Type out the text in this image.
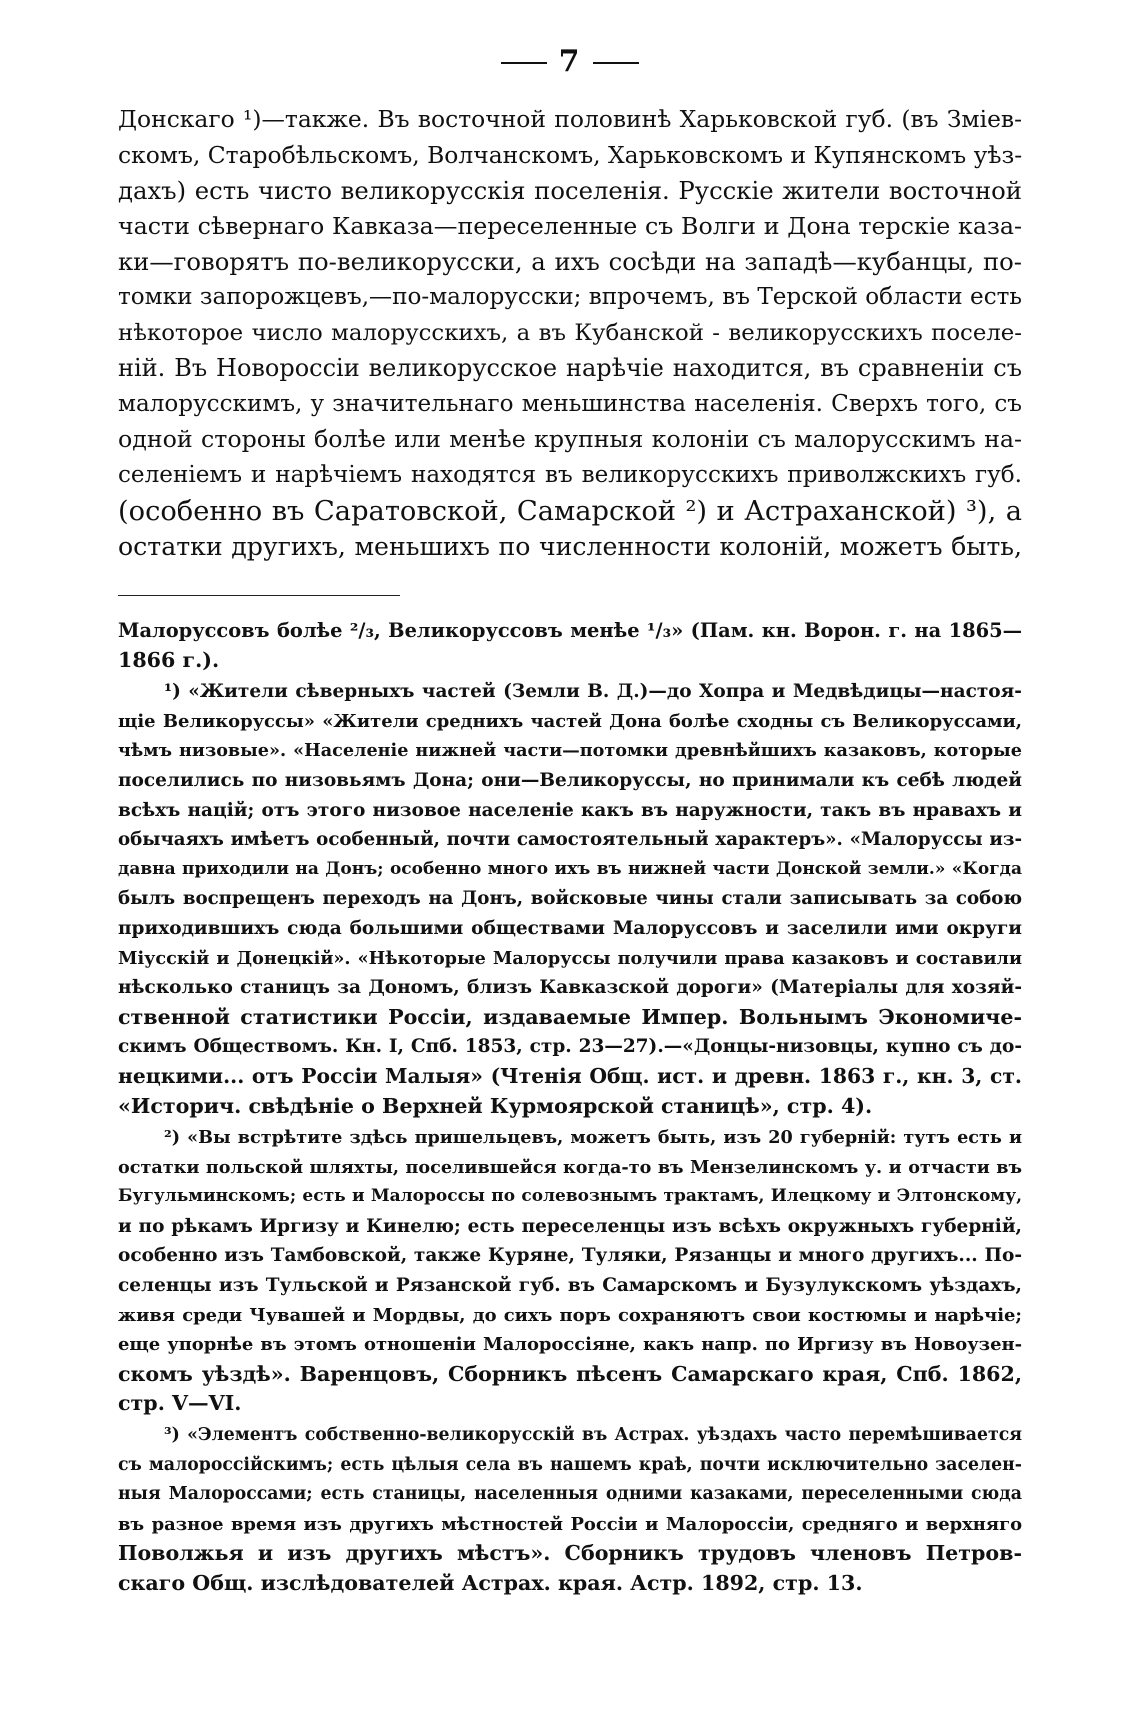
7

Донскаго ¹)—также. Въ восточной половинѣ Харьковской губ. (въ Зміев-

скомъ, Старобѣльскомъ, Волчанскомъ, Харьковскомъ и Купянскомъ уѣз-

дахъ) есть чисто великорусскія поселенія. Русскіе жители восточной

части сѣвернаго Кавказа—переселенные съ Волги и Дона терскіе каза-

ки—говорятъ по-великорусски, а ихъ сосѣди на западѣ—кубанцы, по-

томки запорожцевъ,—по-малорусски; впрочемъ, въ Терской области есть

нѣкоторое число малорусскихъ, а въ Кубанской - великорусскихъ поселе-

ній. Въ Новороссіи великорусское нарѣчіе находится, въ сравненіи съ

малорусскимъ, у значительнаго меньшинства населенія. Сверхъ того, съ

одной стороны болѣе или менѣе крупныя колоніи съ малорусскимъ на-

селеніемъ и нарѣчіемъ находятся въ великорусскихъ приволжскихъ губ.

(особенно въ Саратовской, Самарской ²) и Астраханской) ³), а

остатки другихъ, меньшихъ по численности колоній, можетъ быть,

Малоруссовъ болѣе ²/₃, Великоруссовъ менѣе ¹/₃» (Пам. кн. Ворон. г. на 1865—

1866 г.).

¹) «Жители сѣверныхъ частей (Земли В. Д.)—до Хопра и Медвѣдицы—настоя-

щіе Великоруссы» «Жители среднихъ частей Дона болѣе сходны съ Великоруссами,

чѣмъ низовые». «Населеніе нижней части—потомки древнѣйшихъ казаковъ, которые

поселились по низовьямъ Дона; они—Великоруссы, но принимали къ себѣ людей

всѣхъ націй; отъ этого низовое населеніе какъ въ наружности, такъ въ нравахъ и

обычаяхъ имѣетъ особенный, почти самостоятельный характеръ». «Малоруссы из-

давна приходили на Донъ; особенно много ихъ въ нижней части Донской земли.» «Когда

былъ воспрещенъ переходъ на Донъ, войсковые чины стали записывать за собою

приходившихъ сюда большими обществами Малоруссовъ и заселили ими округи

Міусскій и Донецкій». «Нѣкоторые Малоруссы получили права казаковъ и составили

нѣсколько станицъ за Дономъ, близъ Кавказской дороги» (Матеріалы для хозяй-

ственной статистики Россіи, издаваемые Импер. Вольнымъ Экономиче-

скимъ Обществомъ. Кн. I, Спб. 1853, стр. 23—27).—«Донцы-низовцы, купно съ до-

нецкими... отъ Россіи Малыя» (Чтенія Общ. ист. и древн. 1863 г., кн. 3, ст.

«Историч. свѣдѣніе о Верхней Курмоярской станицѣ», стр. 4).

²) «Вы встрѣтите здѣсь пришельцевъ, можетъ быть, изъ 20 губерній: тутъ есть и

остатки польской шляхты, поселившейся когда-то въ Мензелинскомъ у. и отчасти въ

Бугульминскомъ; есть и Малороссы по солевознымъ трактамъ, Илецкому и Элтонскому,

и по рѣкамъ Иргизу и Кинелю; есть переселенцы изъ всѣхъ окружныхъ губерній,

особенно изъ Тамбовской, также Куряне, Туляки, Рязанцы и много другихъ... По-

селенцы изъ Тульской и Рязанской губ. въ Самарскомъ и Бузулукскомъ уѣздахъ,

живя среди Чувашей и Мордвы, до сихъ поръ сохраняютъ свои костюмы и нарѣчіе;

еще упорнѣе въ этомъ отношеніи Малороссіяне, какъ напр. по Иргизу въ Новоузен-

скомъ уѣздѣ». Варенцовъ, Сборникъ пѣсенъ Самарскаго края, Спб. 1862,

стр. V—VI.

³) «Элементъ собственно-великорусскій въ Астрах. уѣздахъ часто перемѣшивается

съ малороссійскимъ; есть цѣлыя села въ нашемъ краѣ, почти исключительно заселен-

ныя Малороссами; есть станицы, населенныя одними казаками, переселенными сюда

въ разное время изъ другихъ мѣстностей Россіи и Малороссіи, средняго и верхняго

Поволжья и изъ другихъ мѣстъ». Сборникъ трудовъ членовъ Петров-

скаго Общ. изслѣдователей Астрах. края. Астр. 1892, стр. 13.
